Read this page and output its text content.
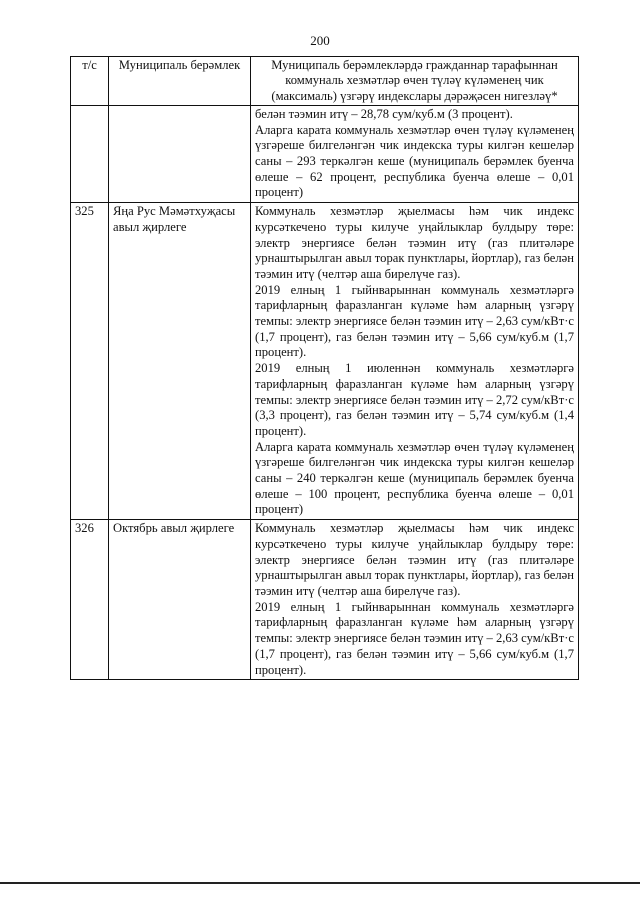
200
т/с	Муниципаль берәмлек	Муниципаль берәмлекләрдә гражданнар тарафыннан коммуналь хезмәтләр өчен түләү күләменең чик (максималь) үзгәрү индекслары дәрәҗәсен нигезләү*

		белән тәэмин итү – 28,78 сум/куб.м (3 процент).
Аларга карата коммуналь хезмәтләр өчен түләү күләменең үзгәреше билгеләнгән чик индекска туры килгән кешеләр саны – 293 теркәлгән кеше (муниципаль берәмлек буенча өлеше – 62 процент, республика буенча өлеше – 0,01 процент)

325	Яңа Рус Мәмәтхуҗасы авыл җирлеге	Коммуналь хезмәтләр җыелмасы һәм чик индекс курсәткечено туры килуче уңайлыклар булдыру төре: электр энергиясе белән тәэмин итү (газ плитәләре урнаштырылган авыл торак пунктлары, йортлар), газ белән тәэмин итү (челтәр аша бирелүче газ).
2019 елның 1 гыйнварыннан коммуналь хезмәтләргә тарифларның фаразланган күләме һәм аларның үзгәрү темпы: электр энергиясе белән тәэмин итү – 2,63 сум/кВт·с (1,7 процент), газ белән тәэмин итү – 5,66 сум/куб.м (1,7 процент).
2019 елның 1 июленнән коммуналь хезмәтләргә тарифларның фаразланган күләме һәм аларның үзгәрү темпы: электр энергиясе белән тәэмин итү – 2,72 сум/кВт·с (3,3 процент), газ белән тәэмин итү – 5,74 сум/куб.м (1,4 процент).
Аларга карата коммуналь хезмәтләр өчен түләү күләменең үзгәреше билгеләнгән чик индекска туры килгән кешеләр саны – 240 теркәлгән кеше (муниципаль берәмлек буенча өлеше – 100 процент, республика буенча өлеше – 0,01 процент)

326	Октябрь авыл җирлеге	Коммуналь хезмәтләр җыелмасы һәм чик индекс курсәткечено туры килуче уңайлыклар булдыру төре: электр энергиясе белән тәэмин итү (газ плитәләре урнаштырылган авыл торак пунктлары, йортлар), газ белән тәэмин итү (челтәр аша бирелүче газ).
2019 елның 1 гыйнварыннан коммуналь хезмәтләргә тарифларның фаразланган күләме һәм аларның үзгәрү темпы: электр энергиясе белән тәэмин итү – 2,63 сум/кВт·с (1,7 процент), газ белән тәэмин итү – 5,66 сум/куб.м (1,7 процент).
